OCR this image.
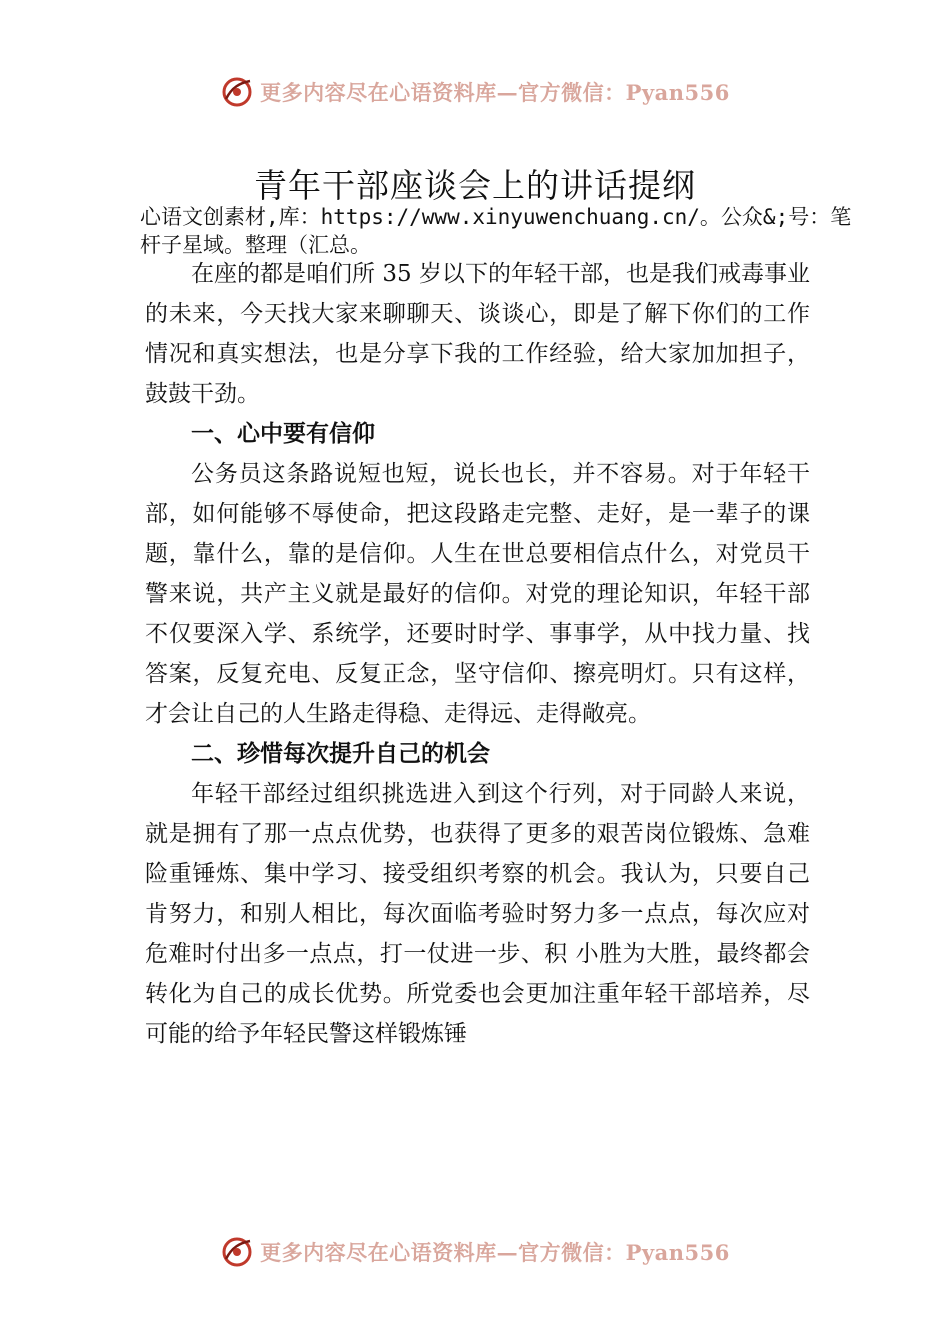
更多内容尽在心语资料库—官方微信：Pyan556
青年干部座谈会上的讲话提纲

心语文创素材,库：https://www.xinyuwenchuang.cn/。公众&;号：笔杆子星域。整理（汇总。

在座的都是咱们所 35 岁以下的年轻干部，也是我们戒毒事业的未来，今天找大家来聊聊天、谈谈心，即是了解下你们的工作情况和真实想法，也是分享下我的工作经验，给大家加加担子，鼓鼓干劲。

一、心中要有信仰

公务员这条路说短也短，说长也长，并不容易。对于年轻干部，如何能够不辱使命，把这段路走完整、走好，是一辈子的课题，靠什么，靠的是信仰。人生在世总要相信点什么，对党员干警来说，共产主义就是最好的信仰。对党的理论知识，年轻干部不仅要深入学、系统学，还要时时学、事事学，从中找力量、找答案，反复充电、反复正念，坚守信仰、擦亮明灯。只有这样，才会让自己的人生路走得稳、走得远、走得敞亮。

二、珍惜每次提升自己的机会

年轻干部经过组织挑选进入到这个行列，对于同龄人来说，就是拥有了那一点点优势，也获得了更多的艰苦岗位锻炼、急难险重锤炼、集中学习、接受组织考察的机会。我认为，只要自己肯努力，和别人相比，每次面临考验时努力多一点点，每次应对危难时付出多一点点，打一仗进一步、积 小胜为大胜，最终都会转化为自己的成长优势。所党委也会更加注重年轻干部培养，尽可能的给予年轻民警这样锻炼锤

更多内容尽在心语资料库—官方微信：Pyan556
